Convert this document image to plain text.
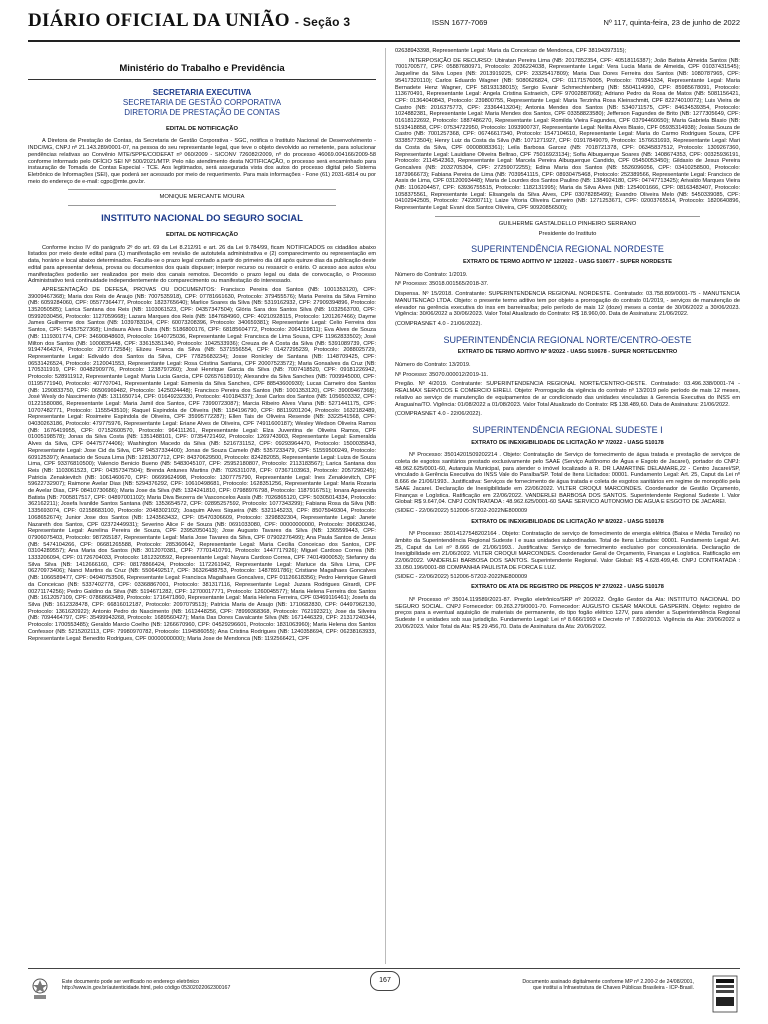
DIÁRIO OFICIAL DA UNIÃO - Seção 3	ISSN 1677-7069	Nº 117, quinta-feira, 23 de junho de 2022
Ministério do Trabalho e Previdência
SECRETARIA EXECUTIVA
SECRETARIA DE GESTÃO CORPORATIVA
DIRETORIA DE PRESTAÇÃO DE CONTAS
EDITAL DE NOTIFICAÇÃO

A Diretora de Prestação de Contas, da Secretaria de Gestão Corporativa - SGC, notifica o Instituto Nacional de Desenvolvimento - INDC/MG, CNPJ nº 21.143.289/0001-07, na pessoa do seu representante legal, que teve o objeto devolvido ao remetente, para solucionar pendências relativas ao Convênio MTE/SPPE/CODEFAT nº 060/2009 - SICONV 726082/2009, nº do processo 46069.004166/2009-58 conforme informado pelo OFÍCIO SEI Nº 500/2021/MTP. Pelo não atendimento desta NOTIFICAÇÃO, o processo será encaminhado para instauração de Tomada de Contas Especial - TCE. Aos legitimados, será assegurada vista dos autos do processo digital pelo Sistema Eletrônico de Informações (SEI), que poderá ser acessado por meio de requerimento. Para mais informações - Fone (61) 2031-6814 ou por meio do endereço de e-mail: cgpc@mte.gov.br.

MONIQUE MERCANTE MOURA
INSTITUTO NACIONAL DO SEGURO SOCIAL
EDITAL DE NOTIFICAÇÃO

Conforme inciso IV do parágrafo 2º do art. 69 da Lei 8.212/91 e art. 26 da Lei 9.784/99, ficam NOTIFICADOS os cidadãos abaixo listados por meio deste edital para (1) manifestação em revisão de autotutela administrativa e (2) comparecimento ou representação em data, horário e local abaixo determinados. Faculta-se o prazo legal contado a partir do primeiro dia útil após quinze dias da publicação deste edital para apresentar defesa, provas ou documentos dos quais dispuser; interpor recurso ou ressarcir o erário. O acesso aos autos e/ou manifestações poderão ser realizados por meio dos canais remotos. Decorrido o prazo legal ou data de convocação, o Processo Administrativo terá continuidade independentemente do comparecimento ou manifestação do interessado.

APRESENTAÇÃO DE DEFESA, PROVAS OU DOCUMENTOS: Francisco Pereira dos Santos (NB: 1001353120), CPF: 39009467368); Maria dos Reis de Araujo (NB: 7007535918), CPF: 07781661630, Protocolo: 379455576); Maria Pereira da Silva Firmino (NB: 6059284060, CPF: 05577364477, Protocolo: 1823765640); Marlice Soares da Silva (NB: 5319162932, CPF: 27909394896, Protocolo: 1352050585); Larica Santana dos Reis (NB: 1103061523, CPF: 04357347504); Glória Sara dos Santos Silva (NB: 1032563700, CPF: 05992030456, Protocolo: 1127059668); Lazara Marques dos Reis (NB: 1847684960, CPF: 40210928115, Protocolo: 1201267466); Dayme James Guilherme dos Santos (NB: 1039783104, CPF: 60073208396, Protocolo: 340659381); Representante Legal: Celio Ferreira dos Santos, CPF: 54357527368); Lindaura Alves Dutra (NB: 5186800176, CPF: 68185604772, Protocolo: 2064119811); Eva Alves de Souza (NB: 1119301774, CPF: 34690848603, Protocolo: 1640725036, Representante Legal: Francisca de Lima Sousa, CPF 11962833502); José Milton dos Santos (NB: 1000835448, CPF: 33615351340, Protocolo: 1042533936); Creuza de A Costa da Silva (NB: 5391089739, CPF: 91947464374, Protocolo: 2077172584); Elizeu Franca da Silva (NB: 5371556554, CPF: 01427295239, Protocolo: 2088025729, Representante Legal: Edivaldo dos Santos da Silva, CPF 77825683234); Josse Ronicley de Santana (NB: 1148709425, CPF: 06531426524, Protocolo: 2120041553, Representante Legal: Rosa Cristina Santana, CPF 20007523572); Maria Gonsalves da Cruz (NB: 1705311919, CPF: 00482909776, Protocolo: 1238797260); José Henrique Garcia da Silva (NB: 7007418520, CPF: 09181226942, Protocolo: 528911912, Representante Legal: Maria Lucia Garcia, CPF 02657618910); Alexandre da Silva Sanches (NB: 7009945000, CPF: 01195771940, Protocolo: 407707041, Representante Legal: Esmenia da Silva Sanches, CPF 88543600930); Lucas Carneiro dos Santos (NB: 1290833750, CPF: 06506969482, Protocolo: 1425024448); Francisco Pereira dos Santos (NB: 1001353120), CPF: 39009467368); José Wesly do Nascimento (NB: 1311650714, CPF: 01649232330, Protocolo: 410184337); José Carlos dos Santos (NB: 1056503332, CPF: 01221580086, Representante Legal: Maria Jamil dos Santos, CPF 73990723087); Marcia Ribeiro Alves Viana (NB: 5271441175, CPF: 10707482771, Protocolo: 1155543510); Raquel Espindola de Oliveira (NB: 1184196790, CPF: 88119201204, Protocolo: 1632182489, Representante Legal: Rosimeire Espindola de Oliveira, CPF 35995772287); Ellen Tais de Oliveira Resende (NB: 3322541568, CPF: 04030263186, Protocolo: 479775976, Representante Legal: Eriane Alves de Oliveira, CPF 74911600187); Wesley Wedson Oliveira Ramos (NB: 1676419955, CPF: 07152600570, Protocolo: 964111261, Representante Legal: Elza Juventina de Oliveira Ramos, CPF 01005198578); Jonas da Silva Costa (NB: 1351488101, CPF: 07354721492, Protocolo: 1269743903, Representante Legal: Esmeralda Alves da Silva, CPF 04475774406); Washington Macedo da Silva (NB: 5216731152, CPF: 09293964470, Protocolo: 1500035843, Representante Legal: Jose Cid da Silva, CPF 94537334400); Jonas de Souza Camelo (NB: 5357233479, CPF: 51559500249, Protocolo: 609125397); Anastacio de Souza Lima (NB: 1281307712, CPF: 84370629500, Protocolo: 824282055, Representante Legal: Luiza de Souza Lima, CPF 93376810500); Valencio Benicio Bueno (NB: 5483045107, CPF: 25952180807, Protocolo: 2113183567); Larica Santana dos Reis (NB: 1103061523, CPF: 04357347504); Brenda Antunes Martins (NB: 7026311078, CPF: 07367103963, Protocolo: 2057290245); Patricia Zenakievitch (NB: 1061460670, CPF: 06699624998, Protocolo: 1307775790, Representante Legal: Ines Zenakievitch, CPF 59622732907); Raimone Avelar Dias (NB: 5294376292, CPF: 10610498681, Protocolo: 1628351256, Representante Legal: Maria Rozaria de Avelar Dias, CPF 08410730686); Maria Jose da Silva (NB: 1324241810, CPF: 07988976798, Protocolo: 1187916751); Ionara Aparecida Batista (NB: 7005817517, CPF: 04897001102); Maria Diva Bezerra de Vasconcelos Assis (NB: 7026865120, CPF: 50305014334, Protocolo: 362162211); Josefa Ivanilde Santos Santana (NB: 1353654572, CPF: 02895257592, Protocolo: 1077343299); Fabiana Rosa da Silva (NB: 1335693074, CPF: 02158683100, Protocolo: 2048302102); Joaquim Alves Siqueira (NB: 5321145233, CPF: 85075949304, Protocolo: 1068652674); Junior Jose dos Santos (NB: 1243563432, CPF: 05470306609, Protocolo: 3298832304, Representante Legal: Janete Nazareth dos Santos, CPF 02372449931); Severino Alice F de Souza (NB: 0691033080, CPF: 00000000000, Protocolo: 396830246, Representante Legal: Aurelina Pereira de Souza, CPF 23952050413); Jose Augusto Tavares da Silva (NB: 1365599443, CPF: 07906075403, Protocolo: 987265187, Representante Legal: Maria Jose Tavares da Silva, CPF 07902276499); Ana Paula Santos de Jesus (NB: 5474104266, CPF: 06681265588, Protocolo: 285360642, Representante Legal: Maria Cecilia Conceicao dos Santos, CPF 03104289557); Ana Maria dos Santos (NB: 3012070381, CPF: 77701410791, Protocolo: 1447717926); Miguel Cardoso Correa (NB: 1333206094, CPF: 01726704033, Protocolo: 1812320592, Representante Legal: Nayara Cardoso Correa, CPF 74014900053); Stefanny da Silva Silva (NB: 1412666160, CPF: 08178866424, Protocolo: 1172261942, Representante Legal: Mariuce da Silva Lima, CPF 06270973406); Nanci Martins da Cruz (NB: 5506492517, CPF: 36326488753, Protocolo: 1487891786); Cristiane Magalhaes Goncalves (NB: 1066589477, CPF: 04940753506, Representante Legal: Francisca Magalhaes Goncalves, CPF 01126618356); Pedro Henrique Girardi da Conceicao (NB: 5337402778, CPF: 03368867001, Protocolo: 381317116, Representante Legal: Juzara Rodrigues Girardi, CPF 00271174256); Pedro Galdino da Silva (NB: 5194671282, CPF: 12700017771, Protocolo: 1260045577); Maria Helena Ferreira dos Santos (NB: 1612057109, CPF: 07868663489, Protocolo: 1716471860, Representante Legal: Maria Helena Ferreira, CPF 03469116461); Josefa da Silva (NB: 1612328478, CPF: 66816012187, Protocolo: 2097079513); Patricia Maria de Araujo (NB: 1710682830, CPF: 04497962130, Protocolo: 1361620922); Antonio Pedro do Nascimento (NB: 1612448256, CPF: 78999368368, Protocolo: 762192321); Jose da Silveira (NB: 7094464797, CPF: 35499943268, Protocolo: 1689560427); Maria Das Dores Cavalcante Silva (NB: 1671446329, CPF: 21317240344, Protocolo: 1700553485); Geraldo Marcio Coelho (NB: 1266670960, CPF: 04529296601, Protocolo: 1831063960); Maria Helena dos Santos Confessor (NB: 5215202113, CPF: 79980970782, Protocolo: 1194586055); Ana Cristina Rodrigues (NB: 1240358694, CPF: 06238163933, Representante Legal: Benedito Rodrigues, CPF 00000000000); Maria Jose de Mendonca (NB: 1192566421, CPF

02638943398, Representante Legal: Maria da Conceicao de Mendonca, CPF 38194397315);

INTERPOSIÇÃO DE RECURSO: Ubiratan Pereira Lima (NB: 2017852354, CPF: 40518116387); João Batista Almeida Santos (NB: 7001700577, CPF: 05887680971, Protocolo: 2036224038, Representante Legal: Vera Lucia Maria de Almeida, CPF 01037431545); Jaqueline da Silva Lopes (NB: 2013919225, CPF: 23325417809); Maria Das Dores Ferreira dos Santos (NB: 1080787965, CPF: 95417320110); Carlos Eduardo Wagner (NB: 5080626824, CPF: 01171576005, Protocolo: 709841334, Representante Legal: Maria Bernadete Henz Wagner, CPF 58193138015); Sergio Evanir Schmechtenberg (NB: 5504114990, CPF: 85985678091, Protocolo: 113670491, Representante Legal: Angela Cristina Estraeich, CPF 97002887068); Adriano Pedro da Rosa de Matos (NB: 5081156421, CPF: 01364040843, Protocolo: 239800755, Representante Legal: Maria Terzinha Rosa Kleinschmitt, CPF 82274010072); Luis Vieira de Castro (NB: 2016375773, CPF: 23364413204); Antonia Mendes dos Santos (NB: 5340711575, CPF: 84634539354, Protocolo: 1024882381, Representante Legal: Maria Mendes dos Santos, CPF 03358823580); Jefferson Fagundes de Brito (NB: 1277305649, CPF: 01618122692, Protocolo: 1887486270, Representante Legal: Romilda Vieira Fagundes, CPF 03794460650); Maria Gabriela Blasio (NB: 5193418858, CPF: 07534722950, Protocolo: 1093900737, Representante Legal: Nelita Alves Blasio, CPF 05935314938); Josias Souza de Castro (NB: 7001257368, CPF: 06746617340, Protocolo: 1547104610, Representante Legal: Maria do Carmo Rodrigues Souza, CPF 93385773504); Henry Luiz da Costa da Silva (NB: 1071271927, CPF: 01917849079, Protocolo: 1576631693, Representante Legal: Mari da Costa da Silva, CPF 00008083361); Leila Barbosa Garcez (NB: 7018721378, CPF: 06345837512, Protocolo: 1309267360, Representante Legal: Lauidiane Oliveira Beltrao, CPF 75016923134); Sofia Albuquerque Soares (NB: 1408674353, CPF: 00325936191, Protocolo: 2114542363, Representante Legal: Marcela Pereira Albuquerque Candido, CPF 05450053450); Gildasio de Jesus Pereira Goncalves (NB: 2032705304, CPF: 27259072255); Edina Maria dos Santos (NB: 5526096056, CPF: 03410258500, Protocolo: 1873966673); Fabiana Pereira de Lima (NB: 7039541115, CPF: 08930475468, Protocolo: 252389566, Representante Legal: Francisco de Assis de Lima, CPF 03120093448); Maria de Lourdes dos Santos Paulino (NB: 1384924180, CPF: 04747713425); Arivaldo Marques Vieira (NB: 1106204457, CPF: 63936755515, Protocolo: 1182131995); Maria da Silva Alves (NB: 1254001666, CPF: 08163483407, Protocolo: 1058375561, Representante Legal: Elisangela da Silva Alves, CPF 03078285499); Evandro Oliveira Melo (NB: 5450339085, CPF: 04102942505, Protocolo: 742200711); Laize Vitoria Oliveira Carneiro (NB: 1271253671, CPF: 02003765514, Protocolo: 1820640896, Representante Legal: Evani dos Santos Oliveira, CPF 90920856500);

GUILHERME GASTALDELLO PINHEIRO SERRANO
Presidente do Instituto
SUPERINTENDÊNCIA REGIONAL NORDESTE
EXTRATO DE TERMO ADITIVO Nº 12/2022 - UASG 510677 - SUPER NORDESTE

Número do Contrato: 1/2019.

Nº Processo: 35018.001565/2018-37.

Dispensa. Nº 15/2018. Contratante: SUPERINTENDENCIA REGIONAL NORDESTE. Contratado: 03.758.809/0001-75 - MANUTENCIA MANUTENCAO LTDA. Objeto: o presente termo aditivo tem por objeto a prorrogação do contrato 01/2019, - serviços de manutenção de elevador na gerência executiva do inss em barreiras/ba; pelo período de mais 12 (doze) meses a contar de 30/06/2022 a 30/06/2023. Vigência: 30/06/2022 a 30/06/2023. Valor Total Atualizado do Contrato: R$ 18.960,00. Data de Assinatura: 21/06/2022.

(COMPRASNET 4.0 - 21/06/2022).

SUPERINTENDÊNCIA REGIONAL NORTE/CENTRO-OESTE
EXTRATO DE TERMO ADITIVO Nº 9/2022 - UASG 510678 - SUPER NORTE/CENTRO

Número do Contrato: 13/2019.

Nº Processo: 35070.000012/2019-11.

Pregão. Nº 4/2019. Contratante: SUPERINTENDENCIA REGIONAL NORTE/CENTRO-OESTE. Contratado: 03.496.338/0001-74 - REALMAX SERVICOS E COMERCIO EIRELI. Objeto: Prorrogação da vigência do contrato nº 13/2019 pelo período de mais 12 meses, relativo ao serviço de manutenção de equipamentos de ar condicionado das unidades vinculadas à Gerencia Executiva do INSS em Araguaína/TO. Vigência: 01/08/2022 a 01/08/2023. Valor Total Atualizado do Contrato: R$ 138.489,60. Data de Assinatura: 21/06/2022.

(COMPRASNET 4.0 - 22/06/2022).

SUPERINTENDÊNCIA REGIONAL SUDESTE I
EXTRATO DE INEXIGIBILIDADE DE LICITAÇÃO Nº 7/2022 - UASG 510178

Nº Processo: 35014201509202214 . Objeto: Contratação de Serviço de fornecimento de água tratada e prestação de serviços de coleta de esgotos sanitários prestado exclusivamente pelo SAAE (Serviço Autônomo de Água e Esgoto de Jacareí), portador do CNPJ: 48.962.625/0001-60, Autarquia Municipal, para atender o imóvel localizado à R. DR LAMARTINE DELAMARE,22 - Centro Jacareí/SP, vinculado à Gerência Executiva do INSS Vale do Paraíba/SP. Total de Itens Licitados: 00001. Fundamento Legal: Art. 25, Caput da Lei nº 8.666 de 21/06/1993.. Justificativa: Serviços de fornecimento de água tratada e coleta de esgotos sanitários em regime de monopólio pela SAAE Jacareí. Declaração de Inexigibilidade em 22/06/2022. VILTER CROQUI MARCONDES. Coordenador de Gestão Orçamento, Finanças e Logística. Ratificação em 22/06/2022. VANDERLEI BARBOSA DOS SANTOS. Superintendente Regional Sudeste I. Valor Global: R$ 9.647,04. CNPJ CONTRATADA : 48.962.625/0001-60 SAAE SERVICO AUTONOMO DE AGUA E ESGOTO DE JACAREI.

(SIDEC - 22/06/2022) 512006-57202-2022NE800009

EXTRATO DE INEXIGIBILIDADE DE LICITAÇÃO Nº 8/2022 - UASG 510178

Nº Processo: 35014127548202164 . Objeto: Contratação de serviço de fornecimento de energia elétrica (Baixa e Média Tensão) no âmbito da Superintendência Regional Sudeste I e suas unidades subordinadas. Total de Itens Licitados: 00001. Fundamento Legal: Art. 25, Caput da Lei nº 8.666 de 21/06/1993.. Justificativa: Serviço de fornecimento exclusivo por concessionária. Declaração de Inexigibilidade em 21/06/2022. VILTER CROQUI MARCONDES. Coordenador Geral de Orçamento, Finanças e Logística. Ratificação em 22/06/2022. VANDERLEI BARBOSA DOS SANTOS. Superintendente Regional. Valor Global: R$ 4.628.499,48. CNPJ CONTRATADA : 33.050.196/0001-88 COMPANHIA PAULISTA DE FORCA E LUZ.

(SIDEC - 22/06/2022) 512006-57202-2022NE800009

EXTRATO DE ATA DE REGISTRO DE PREÇOS Nº 27/2022 - UASG 510178

Nº Processo nº 35014.119589/2021-87. Pregão eletrônico/SRP nº 20/2022. Órgão Gestor da Ata: INSTITUTO NACIONAL DO SEGURO SOCIAL. CNPJ Fornecedor: 09.263.279/0001-70. Fornecedor: AUGUSTO CESAR MAKOUL GASPERIN. Objeto: registro de preços para a eventual aquisição de materiais de permanente, do tipo fogão elétrico 127V, para atender a Superintendência Regional Sudeste I e unidades sob sua jurisdição. Fundamento Legal: Lei nº 8.666/1993 e Decreto nº 7.892/2013. Vigência da Ata: 20/06/2022 a 20/06/2023. Valor Total da Ata: R$ 29.456,70. Data de Assinatura da Ata: 20/06/2022.

Este documento pode ser verificado no endereço eletrônico
http://www.in.gov.br/autenticidade.html, pelo código 05302022062300167
167	Documento assinado digitalmente conforme MP nº 2.200-2 de 24/08/2001,
que institui a Infraestrutura de Chaves Públicas Brasileira - ICP-Brasil.
